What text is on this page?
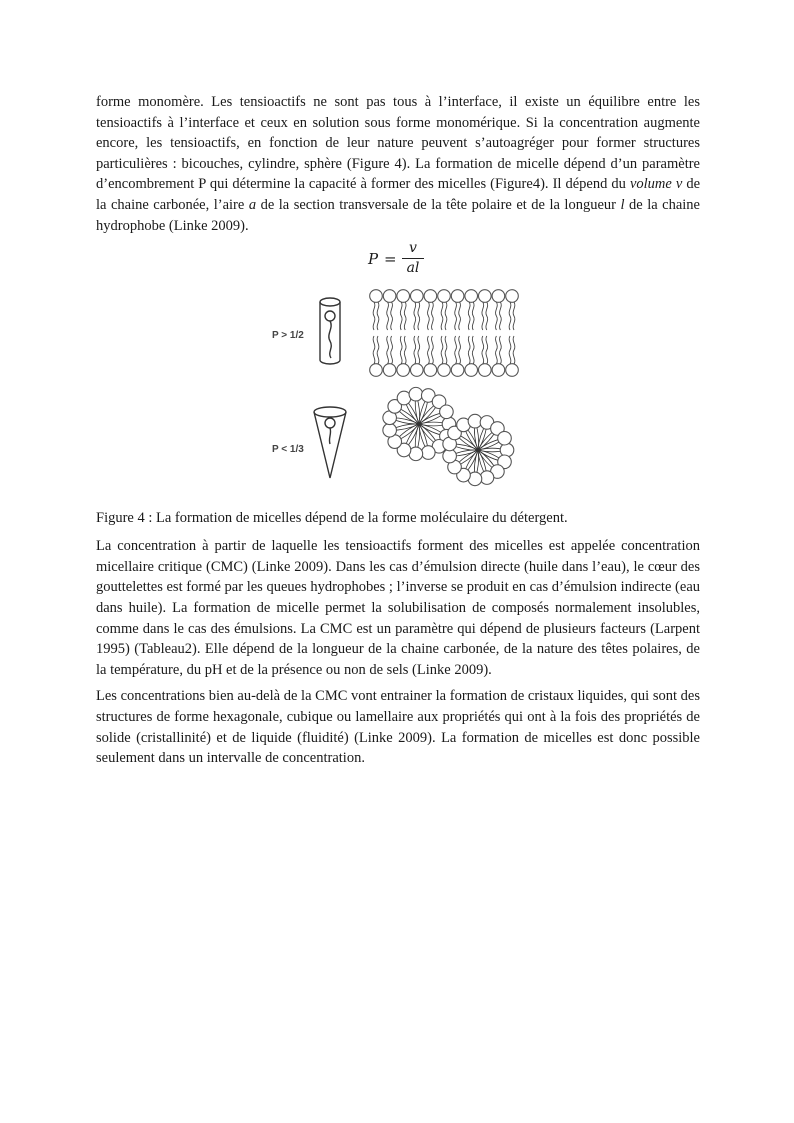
forme monomère. Les tensioactifs ne sont pas tous à l’interface, il existe un équilibre entre les tensioactifs à l’interface et ceux en solution sous forme monomérique. Si la concentration augmente encore, les tensioactifs, en fonction de leur nature peuvent s’autoagréger pour former structures particulières : bicouches, cylindre, sphère (Figure 4). La formation de micelle dépend d’un paramètre d’encombrement P qui détermine la capacité à former des micelles (Figure4). Il dépend du volume v de la chaine carbonée, l’aire a de la section transversale de la tête polaire et de la longueur l de la chaine hydrophobe (Linke 2009).

P =
v
al
P > 1/2
P < 1/3

Figure 4 : La formation de micelles dépend de la forme moléculaire du détergent.

La concentration à partir de laquelle les tensioactifs forment des micelles est appelée concentration micellaire critique (CMC) (Linke 2009). Dans les cas d’émulsion directe (huile dans l’eau), le cœur des gouttelettes est formé par les queues hydrophobes ; l’inverse se produit en cas d’émulsion indirecte (eau dans huile). La formation de micelle permet la solubilisation de composés normalement insolubles, comme dans le cas des émulsions. La CMC est un paramètre qui dépend de plusieurs facteurs (Larpent 1995) (Tableau2). Elle dépend de la longueur de la chaine carbonée, de la nature des têtes polaires, de la température, du pH et de la présence ou non de sels (Linke 2009).

Les concentrations bien au-delà de la CMC vont entrainer la formation de cristaux liquides, qui sont des structures de forme hexagonale, cubique ou lamellaire aux propriétés qui ont à la fois des propriétés de solide (cristallinité) et de liquide (fluidité) (Linke 2009). La formation de micelles est donc possible seulement dans un intervalle de concentration.
